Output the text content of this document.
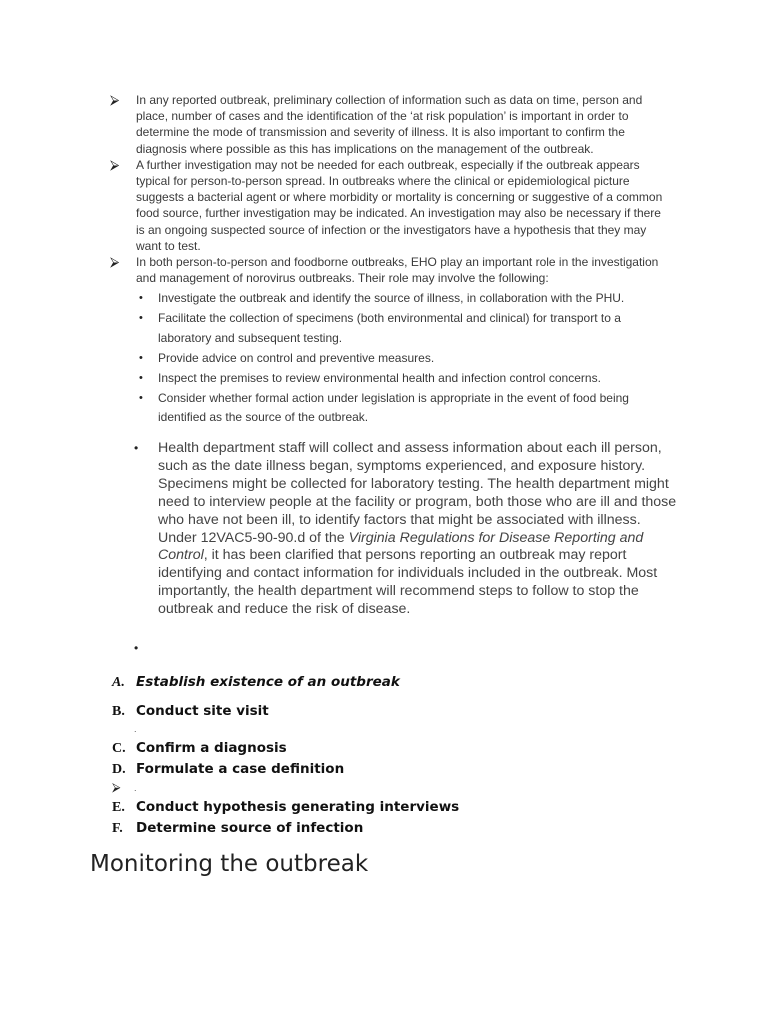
⮚ In any reported outbreak, preliminary collection of information such as data on time, person and place, number of cases and the identification of the ‘at risk population’ is important in order to determine the mode of transmission and severity of illness. It is also important to confirm the diagnosis where possible as this has implications on the management of the outbreak.
⮚ A further investigation may not be needed for each outbreak, especially if the outbreak appears typical for person-to-person spread. In outbreaks where the clinical or epidemiological picture suggests a bacterial agent or where morbidity or mortality is concerning or suggestive of a common food source, further investigation may be indicated. An investigation may also be necessary if there is an ongoing suspected source of infection or the investigators have a hypothesis that they may want to test.
⮚ In both person-to-person and foodborne outbreaks, EHO play an important role in the investigation and management of norovirus outbreaks. Their role may involve the following:
• Investigate the outbreak and identify the source of illness, in collaboration with the PHU.
• Facilitate the collection of specimens (both environmental and clinical) for transport to a laboratory and subsequent testing.
• Provide advice on control and preventive measures.
• Inspect the premises to review environmental health and infection control concerns.
• Consider whether formal action under legislation is appropriate in the event of food being identified as the source of the outbreak.
• Health department staff will collect and assess information about each ill person, such as the date illness began, symptoms experienced, and exposure history. Specimens might be collected for laboratory testing. The health department might need to interview people at the facility or program, both those who are ill and those who have not been ill, to identify factors that might be associated with illness. Under 12VAC5-90-90.d of the Virginia Regulations for Disease Reporting and Control, it has been clarified that persons reporting an outbreak may report identifying and contact information for individuals included in the outbreak. Most importantly, the health department will recommend steps to follow to stop the outbreak and reduce the risk of disease.
•
A. Establish existence of an outbreak
B. Conduct site visit
C. Confirm a diagnosis
D. Formulate a case definition
E. Conduct hypothesis generating interviews
F. Determine source of infection
.
⮚ .
Monitoring the outbreak
